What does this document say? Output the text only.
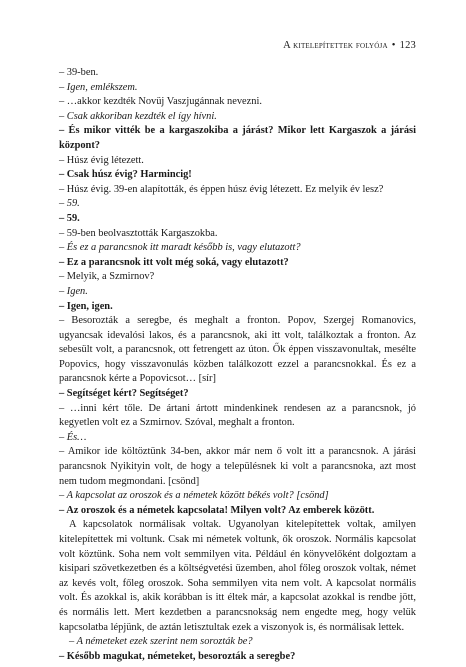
A kitelepítettek folyója • 123

– 39-ben.

– Igen, emlékszem.

– …akkor kezdték Novüj Vaszjugánnak nevezni.

– Csak akkoriban kezdték el így hívni.

– És mikor vitték be a kargaszokiba a járást? Mikor lett Kargaszok a járási központ?

– Húsz évig létezett.

– Csak húsz évig? Harmincig!

– Húsz évig. 39-en alapították, és éppen húsz évig létezett. Ez melyik év lesz?

– 59.

– 59.

– 59-ben beolvasztották Kargaszokba.

– És ez a parancsnok itt maradt később is, vagy elutazott?

– Ez a parancsnok itt volt még soká, vagy elutazott?

– Melyik, a Szmirnov?

– Igen.

– Igen, igen.

– Besorozták a seregbe, és meghalt a fronton. Popov, Szergej Romanovics, ugyancsak idevalósi lakos, és a parancsnok, aki itt volt, találkoztak a fronton. Az sebesült volt, a parancsnok, ott fetrengett az úton. Ők éppen visszavonultak, mesélte Popovics, hogy visszavonulás közben találkozott ezzel a parancsnokkal. És ez a parancsnok kérte a Popovicsot… [sír]

– Segítséget kért? Segítséget?

– …inni kért tőle. De ártani ártott mindenkinek rendesen az a parancsnok, jó kegyetlen volt ez a Szmirnov. Szóval, meghalt a fronton.

– És…

– Amikor ide költöztünk 34-ben, akkor már nem ő volt itt a parancsnok. A járási parancsnok Nyikityin volt, de hogy a településnek ki volt a parancsnoka, azt most nem tudom megmondani. [csönd]

– A kapcsolat az oroszok és a németek között békés volt? [csönd]

– Az oroszok és a németek kapcsolata! Milyen volt? Az emberek között.

A kapcsolatok normálisak voltak. Ugyanolyan kitelepítettek voltak, amilyen kitelepítettek mi voltunk. Csak mi németek voltunk, ők oroszok. Normális kapcsolat volt köztünk. Soha nem volt semmilyen vita. Például én könyvelőként dolgoztam a kisipari szövetkezetben és a költségvetési üzemben, ahol főleg oroszok voltak, német az kevés volt, főleg oroszok. Soha semmilyen vita nem volt. A kapcsolat normális volt. És azokkal is, akik korábban is itt éltek már, a kapcsolat azokkal is rendbe jött, és normális lett. Mert kezdetben a parancsnokság nem engedte meg, hogy velük kapcsolatba lépjünk, de aztán letisztultak ezek a viszonyok is, és normálisak lettek.

– A németeket ezek szerint nem sorozták be?

– Később magukat, németeket, besorozták a seregbe?
